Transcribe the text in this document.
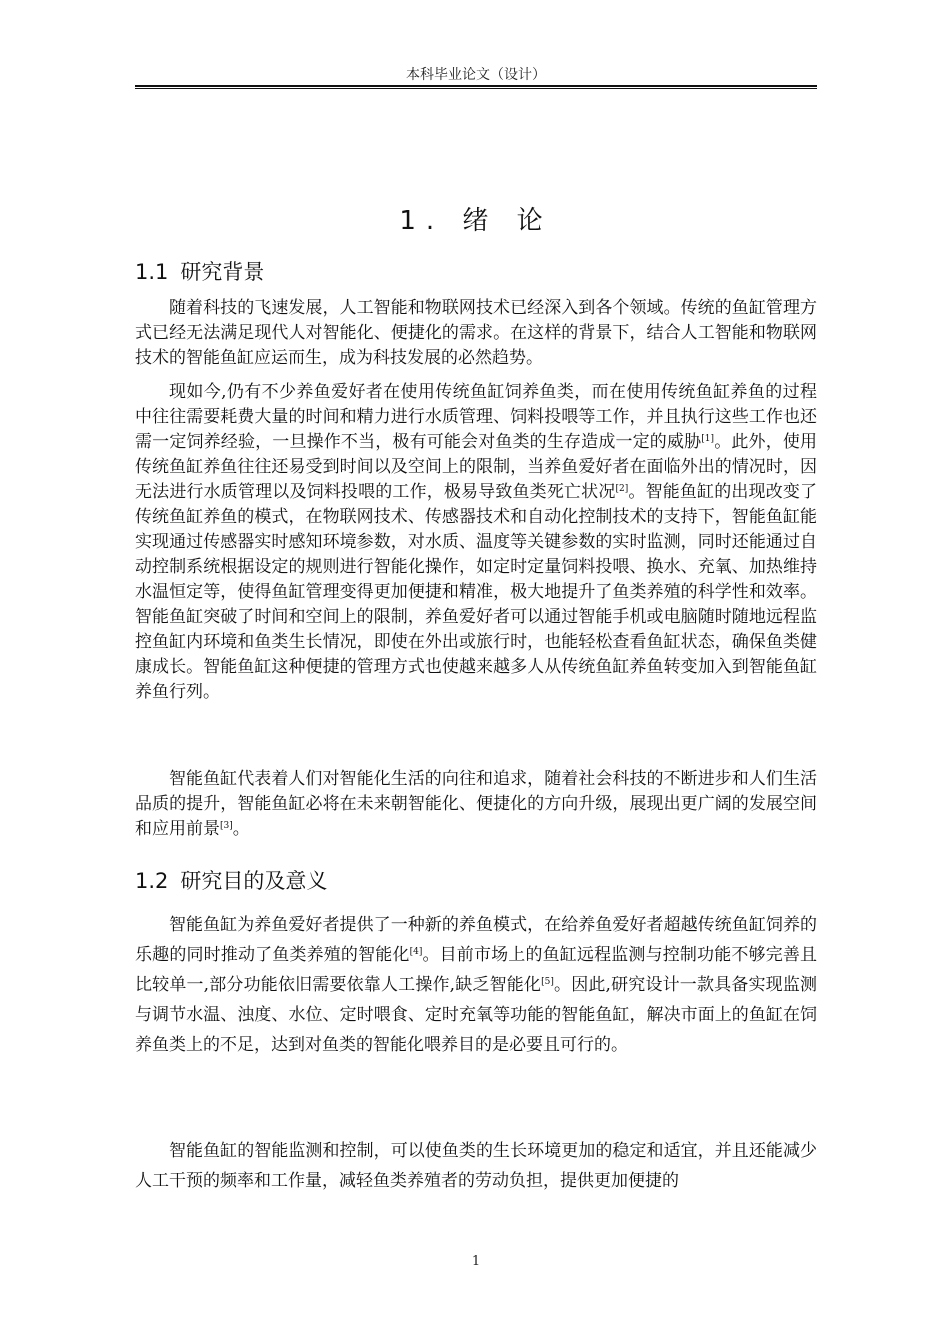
本科毕业论文（设计）
1. 绪 论
1.1 研究背景

随着科技的飞速发展，人工智能和物联网技术已经深入到各个领域。传统的鱼缸管理方式已经无法满足现代人对智能化、便捷化的需求。在这样的背景下，结合人工智能和物联网技术的智能鱼缸应运而生，成为科技发展的必然趋势。

现如今,仍有不少养鱼爱好者在使用传统鱼缸饲养鱼类，而在使用传统鱼缸养鱼的过程中往往需要耗费大量的时间和精力进行水质管理、饲料投喂等工作，并且执行这些工作也还需一定饲养经验，一旦操作不当，极有可能会对鱼类的生存造成一定的威胁[1]。此外，使用传统鱼缸养鱼往往还易受到时间以及空间上的限制，当养鱼爱好者在面临外出的情况时，因无法进行水质管理以及饲料投喂的工作，极易导致鱼类死亡状况[2]。智能鱼缸的出现改变了传统鱼缸养鱼的模式，在物联网技术、传感器技术和自动化控制技术的支持下，智能鱼缸能实现通过传感器实时感知环境参数，对水质、温度等关键参数的实时监测，同时还能通过自动控制系统根据设定的规则进行智能化操作，如定时定量饲料投喂、换水、充氧、加热维持水温恒定等，使得鱼缸管理变得更加便捷和精准，极大地提升了鱼类养殖的科学性和效率。智能鱼缸突破了时间和空间上的限制，养鱼爱好者可以通过智能手机或电脑随时随地远程监控鱼缸内环境和鱼类生长情况，即使在外出或旅行时，也能轻松查看鱼缸状态，确保鱼类健康成长。智能鱼缸这种便捷的管理方式也使越来越多人从传统鱼缸养鱼转变加入到智能鱼缸养鱼行列。

智能鱼缸代表着人们对智能化生活的向往和追求，随着社会科技的不断进步和人们生活品质的提升，智能鱼缸必将在未来朝智能化、便捷化的方向升级，展现出更广阔的发展空间和应用前景[3]。

1.2 研究目的及意义

智能鱼缸为养鱼爱好者提供了一种新的养鱼模式，在给养鱼爱好者超越传统鱼缸饲养的乐趣的同时推动了鱼类养殖的智能化[4]。目前市场上的鱼缸远程监测与控制功能不够完善且比较单一,部分功能依旧需要依靠人工操作,缺乏智能化[5]。因此,研究设计一款具备实现监测与调节水温、浊度、水位、定时喂食、定时充氧等功能的智能鱼缸，解决市面上的鱼缸在饲养鱼类上的不足，达到对鱼类的智能化喂养目的是必要且可行的。

智能鱼缸的智能监测和控制，可以使鱼类的生长环境更加的稳定和适宜，并且还能减少人工干预的频率和工作量，减轻鱼类养殖者的劳动负担，提供更加便捷的

1
